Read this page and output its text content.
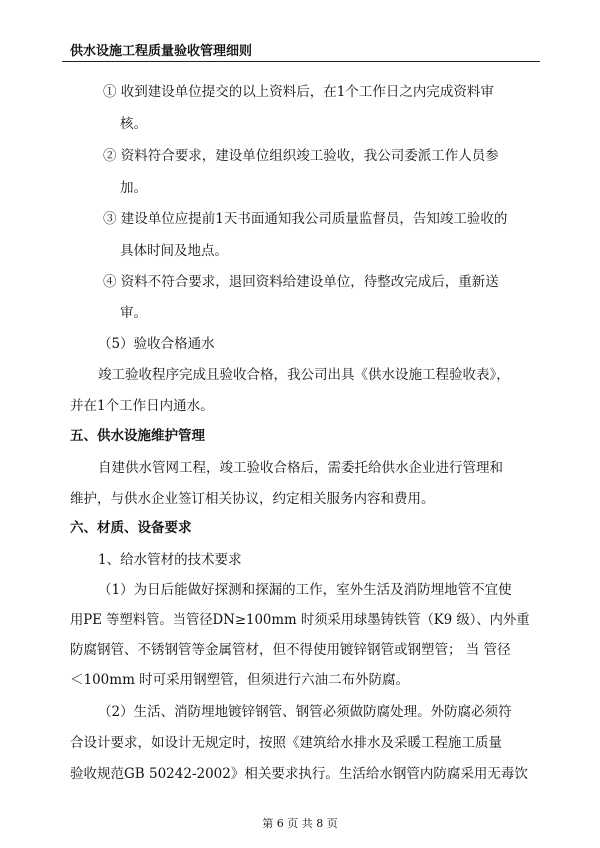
供水设施工程质量验收管理细则
① 收到建设单位提交的以上资料后，在1个工作日之内完成资料审
核。
② 资料符合要求，建设单位组织竣工验收，我公司委派工作人员参
加。
③ 建设单位应提前1天书面通知我公司质量监督员，告知竣工验收的
具体时间及地点。
④ 资料不符合要求，退回资料给建设单位，待整改完成后，重新送
审。
（5）验收合格通水
竣工验收程序完成且验收合格，我公司出具《供水设施工程验收表》，
并在1个工作日内通水。
五、供水设施维护管理
自建供水管网工程，竣工验收合格后，需委托给供水企业进行管理和
维护，与供水企业签订相关协议，约定相关服务内容和费用。
六、材质、设备要求
1、给水管材的技术要求
（1）为日后能做好探测和探漏的工作，室外生活及消防埋地管不宜使
用PE 等塑料管。当管径DN≥100mm 时须采用球墨铸铁管（K9 级）、内外重
防腐钢管、不锈钢管等金属管材，但不得使用镀锌钢管或钢塑管； 当 管径
＜100mm 时可采用钢塑管，但须进行六油二布外防腐。
（2）生活、消防埋地镀锌钢管、钢管必须做防腐处理。外防腐必须符
合设计要求，如设计无规定时，按照《建筑给水排水及采暖工程施工质量
验收规范GB 50242-2002》相关要求执行。生活给水钢管内防腐采用无毒饮
第 6 页 共 8 页
